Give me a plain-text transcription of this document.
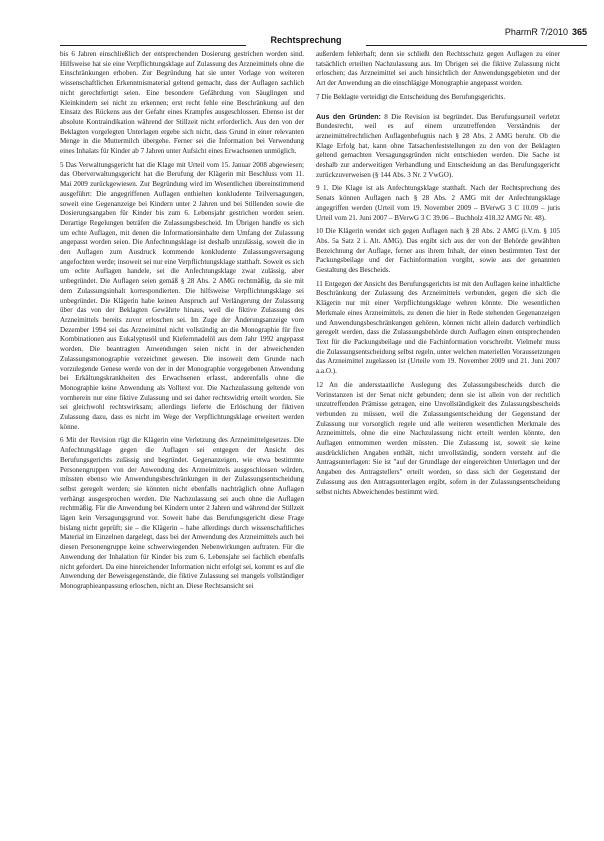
Rechtsprechung
PharmR 7/2010 365

bis 6 Jahren einschließlich der entsprechenden Dosierung gestrichen worden sind. Hilfsweise hat sie eine Verpflichtungsklage auf Zulassung des Arzneimittels ohne die Einschränkungen erhoben. Zur Begründung hat sie unter Vorlage von weiteren wissenschaftlichen Erkenntnismaterial geltend gemacht, dass der Auflagen sachlich nicht gerechtfertigt seien. Eine besondere Gefährdung von Säuglingen und Kleinkindern sei nicht zu erkennen; erst recht fehle eine Beschränkung auf den Einsatz des Rückens aus der Gefahr eines Krampfes ausgeschlossen. Ebenso ist der absolute Kontraindikation während der Stillzeit nicht erforderlich. Aus den von der Beklagten vorgelegten Unterlagen ergebe sich nicht, dass Grund in einer relevanten Menge in die Muttermilch übergehe. Ferner sei die Information bei Verwendung eines Inhalats für Kinder ab 7 Jahren unter Aufsicht eines Erwachsenen unmöglich.

5 Das Verwaltungsgericht hat die Klage mit Urteil vom 15. Januar 2008 abgewiesen; das Oberverwaltungsgericht hat die Berufung der Klägerin mit Beschluss vom 11. Mai 2009 zurückgewiesen. Zur Begründung wird im Wesentlichen übereinstimmend ausgeführt: Die angegriffenen Auflagen enthielten konkludente Teilversagungen, soweit eine Gegenanzeige bei Kindern unter 2 Jahren und bei Stillenden sowie die Dosierungsangaben für Kinder bis zum 6. Lebensjahr gestrichen worden seien. Derartige Regelungen beträfen die Zulassungsbescheid. Im Übrigen handle es sich um echte Auflagen, mit denen die Informationsinhalte dem Umfang der Zulassung angepasst worden seien. Die Anfechtungsklage ist deshalb unzulässig, soweit die in den Auflagen zum Ausdruck kommende konkludente Zulassungsversagung angefochten werde; insoweit sei nur eine Verpflichtungsklage statthaft. Soweit es sich um echte Auflagen handele, sei die Anfechtungsklage zwar zulässig, aber unbegründet. Die Auflagen seien gemäß § 28 Abs. 2 AMG rechtmäßig, da sie mit dem Zulassungsinhalt korrespondierten. Die hilfsweise Verpflichtungsklage sei unbegründet. Die Klägerin habe keinen Anspruch auf Verlängerung der Zulassung über das von der Beklagten Gewährte hinaus, weil die fiktive Zulassung des Arzneimittels bereits zuvor erloschen sei. Im Zuge der Änderungsanzeige vom Dezember 1994 sei das Arzneimittel nicht vollständig an die Monographie für fixe Kombinationen aus Eukalyptusöl und Kiefernnadelöl aus dem Jahr 1992 angepasst worden. Die beantragten Anwendungen seien nicht in der abweichenden Zulassungsmonographie verzeichnet gewesen. Die insoweit dem Grunde nach vorzulegende Genese werde von der in der Monographie vorgegebenen Anwendung bei Erkältungskrankheiten des Erwachsenen erfasst, anderenfalls ohne die Monographie keine Anwendung als Volltext vor. Die Nachzulassung geltende von vornherein nur eine fiktive Zulassung und sei daher rechtswidrig erteilt worden. Sie sei gleichwohl rechtswirksam; allerdings lieferte die Erlöschung der fiktiven Zulassung dazu, dass es nicht im Wege der Verpflichtungsklage erweitert werden könne.

6 Mit der Revision rügt die Klägerin eine Verletzung des Arzneimittelgesetzes. Die Anfechtungsklage gegen die Auflagen sei entgegen der Ansicht des Berufungsgerichts zulässig und begründet. Gegenanzeigen, wie etwa bestimmte Personengruppen von der Anwendung des Arzneimittels ausgeschlossen würden, müssten ebenso wie Anwendungsbeschränkungen in der Zulassungsentscheidung selbst geregelt werden; sie könnten nicht ebenfalls nachträglich ohne Auflagen verhängt ausgesprochen werden. Die Nachzulassung sei auch ohne die Auflagen rechtmäßig. Für die Anwendung bei Kindern unter 2 Jahren und während der Stillzeit lägen kein Versagungsgrund vor. Soweit habe das Berufungsgericht diese Frage bislang nicht geprüft; sie – die Klägerin – habe allerdings durch wissenschaftliches Material im Einzelnen dargelegt, dass bei der Anwendung des Arzneimittels auch bei diesen Personengruppe keine schwerwiegenden Nebenwirkungen auftraten. Für die Anwendung der Inhalation für Kinder bis zum 6. Lebensjahr sei fachlich ebenfalls nicht gefordert. Da eine hinreichender Information nicht erfolgt sei, kommt es auf die Anwendung der Beweisgegenstände, die fiktive Zulassung sei mangels vollständiger Monographieanpassung erloschen, nicht an. Diese Rechtsansicht sei

außerdem fehlerhaft; denn sie schließt den Rechtsschutz gegen Auflagen zu einer tatsächlich erteilten Nachzulassung aus. Im Übrigen sei die fiktive Zulassung nicht erloschen; das Arzneimittel sei auch hinsichtlich der Anwendungsgebieten und der Art der Anwendung an die einschlägige Monographie angepasst worden.

7 Die Beklagte verteidigt die Entscheidung des Berufungsgerichts.

Aus den Gründen: 8 Die Revision ist begründet. Das Berufungsurteil verletzt Bundesrecht, weil es auf einem unzutreffenden Verständnis der arzneimittelrechtlichen Auflagenbefugnis nach § 28 Abs. 2 AMG beruht. Ob die Klage Erfolg hat, kann ohne Tatsachenfeststellungen zu den von der Beklagten geltend gemachten Versagungsgründen nicht entschieden werden. Die Sache ist deshalb zur anderweitigen Verhandlung und Entscheidung an das Berufungsgericht zurückzuverweisen (§ 144 Abs. 3 Nr. 2 VwGO).

9 1. Die Klage ist als Anfechtungsklage statthaft. Nach der Rechtsprechung des Senats können Auflagen nach § 28 Abs. 2 AMG mit der Anfechtungsklage angegriffen werden (Urteil vom 19. November 2009 – BVerwG 3 C 10.09 – juris Urteil vom 21. Juni 2007 – BVerwG 3 C 39.06 – Buchholz 418.32 AMG Nr. 48).

10 Die Klägerin wendet sich gegen Auflagen nach § 28 Abs. 2 AMG (i.V.m. § 105 Abs. 5a Satz 2 i. Alt. AMG). Das ergibt sich aus der von der Behörde gewählten Bezeichnung der Auflage, ferner aus ihrem Inhalt, der einen bestimmten Text der Packungsbeilage und der Fachinformation vorgibt, sowie aus der genannten Gestaltung des Bescheids.

11 Entgegen der Ansicht des Berufungsgerichts ist mit den Auflagen keine inhaltliche Beschränkung der Zulassung des Arzneimittels verbunden, gegen die sich die Klägerin nur mit einer Verpflichtungsklage wehren könnte. Die wesentlichen Merkmale eines Arzneimittels, zu denen die hier in Rede stehenden Gegenanzeigen und Anwendungsbeschränkungen gehören, können nicht allein dadurch verbindlich geregelt werden, dass die Zulassungsbehörde durch Auflagen einen entsprechenden Text für die Packungsbeilage und die Fachinformation vorschreibt. Vielmehr muss die Zulassungsentscheidung selbst regeln, unter welchen materiellen Voraussetzungen das Arzneimittel zugelassen ist (Urteile vom 19. November 2009 und 21. Juni 2007 a.a.O.).

12 An die andersstaatliche Auslegung des Zulassungsbescheids durch die Vorinstanzen ist der Senat nicht gebunden; denn sie ist allein von der rechtlich unzutreffenden Prämisse getragen, eine Unvollständigkeit des Zulassungsbescheids verbunden zu müssen, weil die Zulassungsentscheidung der Gegenstand der Zulassung nur vorsorglich regele und alle weiteren wesentlichen Merkmale des Arzneimittels, ohne die eine Nachzulassung nicht erteilt werden könnte, den Auflagen entnommen werden müssten. Die Zulassung ist, soweit sie keine ausdrücklichen Angaben enthält, nicht unvollständig, sondern versteht auf die Antragsunterlagen: Sie ist "auf der Grundlage der eingereichten Unterlagen und der Angaben des Antragstellers" erteilt worden, so dass sich der Gegenstand der Zulassung aus den Antragsunterlagen ergibt, sofern in der Zulassungsentscheidung selbst nichts Abweichendes bestimmt wird.
